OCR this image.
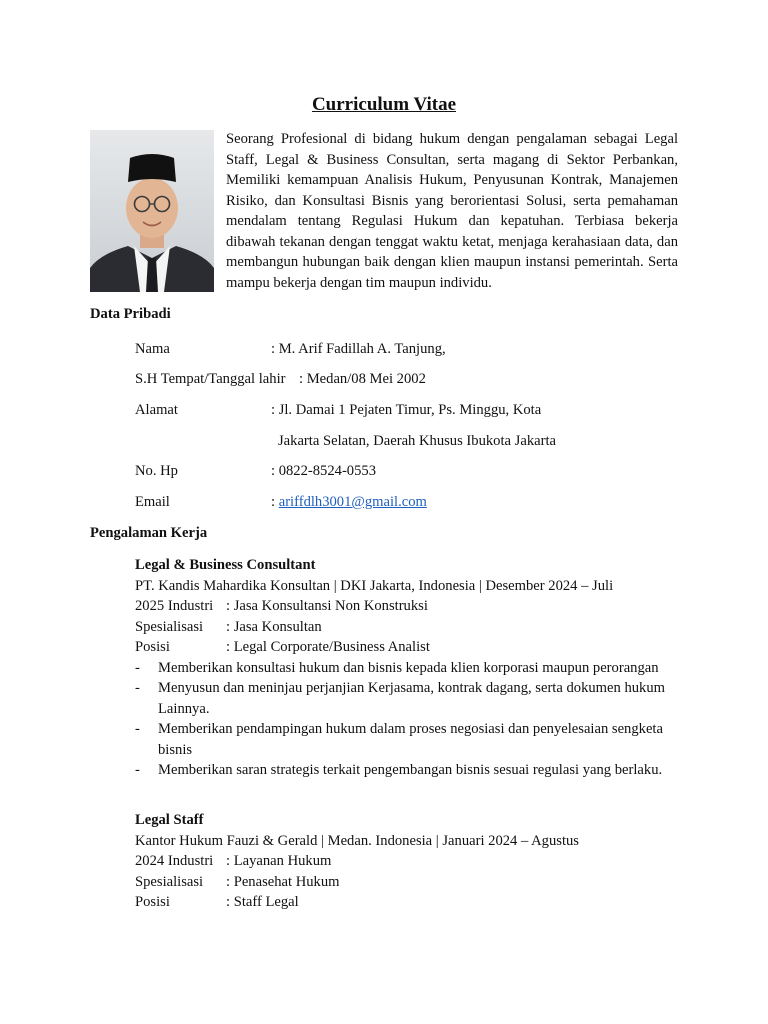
Curriculum Vitae

Seorang Profesional di bidang hukum dengan pengalaman sebagai Legal Staff, Legal & Business Consultan, serta magang di Sektor Perbankan, Memiliki kemampuan Analisis Hukum, Penyusunan Kontrak, Manajemen Risiko, dan Konsultasi Bisnis yang berorientasi Solusi, serta pemahaman mendalam tentang Regulasi Hukum dan kepatuhan. Terbiasa bekerja dibawah tekanan dengan tenggat waktu ketat, menjaga kerahasiaan data, dan membangun hubungan baik dengan klien maupun instansi pemerintah. Serta mampu bekerja dengan tim maupun individu.

Data Pribadi
Nama	: M. Arif Fadillah A. Tanjung,
S.H Tempat/Tanggal lahir : Medan/08 Mei 2002
Alamat	: Jl. Damai 1 Pejaten Timur, Ps. Minggu, Kota
Jakarta Selatan, Daerah Khusus Ibukota Jakarta
No. Hp	: 0822-8524-0553
Email	: ariffdlh3001@gmail.com
Pengalaman Kerja
Legal & Business Consultant
PT. Kandis Mahardika Konsultan | DKI Jakarta, Indonesia | Desember 2024 – Juli
2025 Industri : Jasa Konsultansi Non Konstruksi
Spesialisasi : Jasa Konsultan
Posisi	: Legal Corporate/Business Analist
- Memberikan konsultasi hukum dan bisnis kepada klien korporasi maupun perorangan
- Menyusun dan meninjau perjanjian Kerjasama, kontrak dagang, serta dokumen hukum Lainnya.
- Memberikan pendampingan hukum dalam proses negosiasi dan penyelesaian sengketa bisnis
- Memberikan saran strategis terkait pengembangan bisnis sesuai regulasi yang berlaku.
Legal Staff
Kantor Hukum Fauzi & Gerald | Medan. Indonesia | Januari 2024 – Agustus
2024 Industri : Layanan Hukum
Spesialisasi : Penasehat Hukum
Posisi	: Staff Legal
